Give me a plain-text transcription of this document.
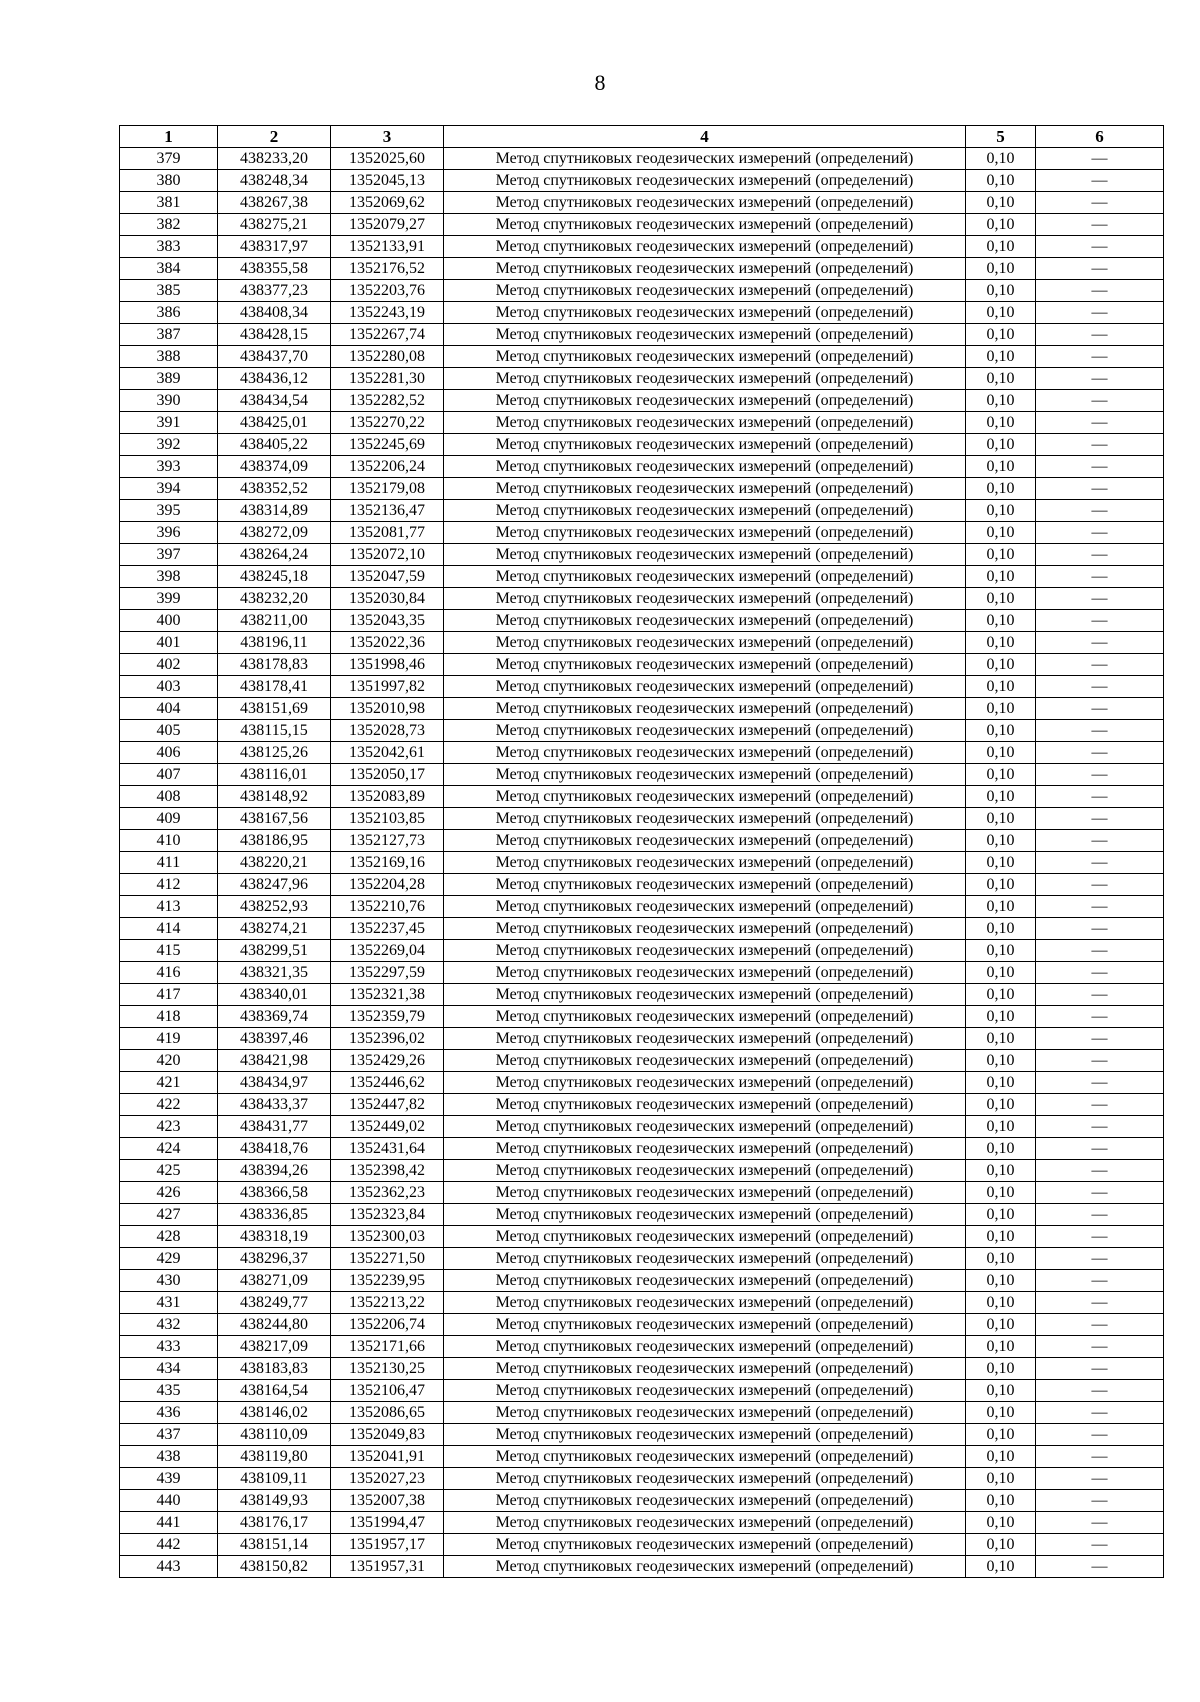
8
1	2	3	4	5	6
379	438233,20	1352025,60	Метод спутниковых геодезических измерений (определений)	0,10	—
380	438248,34	1352045,13	Метод спутниковых геодезических измерений (определений)	0,10	—
381	438267,38	1352069,62	Метод спутниковых геодезических измерений (определений)	0,10	—
382	438275,21	1352079,27	Метод спутниковых геодезических измерений (определений)	0,10	—
383	438317,97	1352133,91	Метод спутниковых геодезических измерений (определений)	0,10	—
384	438355,58	1352176,52	Метод спутниковых геодезических измерений (определений)	0,10	—
385	438377,23	1352203,76	Метод спутниковых геодезических измерений (определений)	0,10	—
386	438408,34	1352243,19	Метод спутниковых геодезических измерений (определений)	0,10	—
387	438428,15	1352267,74	Метод спутниковых геодезических измерений (определений)	0,10	—
388	438437,70	1352280,08	Метод спутниковых геодезических измерений (определений)	0,10	—
389	438436,12	1352281,30	Метод спутниковых геодезических измерений (определений)	0,10	—
390	438434,54	1352282,52	Метод спутниковых геодезических измерений (определений)	0,10	—
391	438425,01	1352270,22	Метод спутниковых геодезических измерений (определений)	0,10	—
392	438405,22	1352245,69	Метод спутниковых геодезических измерений (определений)	0,10	—
393	438374,09	1352206,24	Метод спутниковых геодезических измерений (определений)	0,10	—
394	438352,52	1352179,08	Метод спутниковых геодезических измерений (определений)	0,10	—
395	438314,89	1352136,47	Метод спутниковых геодезических измерений (определений)	0,10	—
396	438272,09	1352081,77	Метод спутниковых геодезических измерений (определений)	0,10	—
397	438264,24	1352072,10	Метод спутниковых геодезических измерений (определений)	0,10	—
398	438245,18	1352047,59	Метод спутниковых геодезических измерений (определений)	0,10	—
399	438232,20	1352030,84	Метод спутниковых геодезических измерений (определений)	0,10	—
400	438211,00	1352043,35	Метод спутниковых геодезических измерений (определений)	0,10	—
401	438196,11	1352022,36	Метод спутниковых геодезических измерений (определений)	0,10	—
402	438178,83	1351998,46	Метод спутниковых геодезических измерений (определений)	0,10	—
403	438178,41	1351997,82	Метод спутниковых геодезических измерений (определений)	0,10	—
404	438151,69	1352010,98	Метод спутниковых геодезических измерений (определений)	0,10	—
405	438115,15	1352028,73	Метод спутниковых геодезических измерений (определений)	0,10	—
406	438125,26	1352042,61	Метод спутниковых геодезических измерений (определений)	0,10	—
407	438116,01	1352050,17	Метод спутниковых геодезических измерений (определений)	0,10	—
408	438148,92	1352083,89	Метод спутниковых геодезических измерений (определений)	0,10	—
409	438167,56	1352103,85	Метод спутниковых геодезических измерений (определений)	0,10	—
410	438186,95	1352127,73	Метод спутниковых геодезических измерений (определений)	0,10	—
411	438220,21	1352169,16	Метод спутниковых геодезических измерений (определений)	0,10	—
412	438247,96	1352204,28	Метод спутниковых геодезических измерений (определений)	0,10	—
413	438252,93	1352210,76	Метод спутниковых геодезических измерений (определений)	0,10	—
414	438274,21	1352237,45	Метод спутниковых геодезических измерений (определений)	0,10	—
415	438299,51	1352269,04	Метод спутниковых геодезических измерений (определений)	0,10	—
416	438321,35	1352297,59	Метод спутниковых геодезических измерений (определений)	0,10	—
417	438340,01	1352321,38	Метод спутниковых геодезических измерений (определений)	0,10	—
418	438369,74	1352359,79	Метод спутниковых геодезических измерений (определений)	0,10	—
419	438397,46	1352396,02	Метод спутниковых геодезических измерений (определений)	0,10	—
420	438421,98	1352429,26	Метод спутниковых геодезических измерений (определений)	0,10	—
421	438434,97	1352446,62	Метод спутниковых геодезических измерений (определений)	0,10	—
422	438433,37	1352447,82	Метод спутниковых геодезических измерений (определений)	0,10	—
423	438431,77	1352449,02	Метод спутниковых геодезических измерений (определений)	0,10	—
424	438418,76	1352431,64	Метод спутниковых геодезических измерений (определений)	0,10	—
425	438394,26	1352398,42	Метод спутниковых геодезических измерений (определений)	0,10	—
426	438366,58	1352362,23	Метод спутниковых геодезических измерений (определений)	0,10	—
427	438336,85	1352323,84	Метод спутниковых геодезических измерений (определений)	0,10	—
428	438318,19	1352300,03	Метод спутниковых геодезических измерений (определений)	0,10	—
429	438296,37	1352271,50	Метод спутниковых геодезических измерений (определений)	0,10	—
430	438271,09	1352239,95	Метод спутниковых геодезических измерений (определений)	0,10	—
431	438249,77	1352213,22	Метод спутниковых геодезических измерений (определений)	0,10	—
432	438244,80	1352206,74	Метод спутниковых геодезических измерений (определений)	0,10	—
433	438217,09	1352171,66	Метод спутниковых геодезических измерений (определений)	0,10	—
434	438183,83	1352130,25	Метод спутниковых геодезических измерений (определений)	0,10	—
435	438164,54	1352106,47	Метод спутниковых геодезических измерений (определений)	0,10	—
436	438146,02	1352086,65	Метод спутниковых геодезических измерений (определений)	0,10	—
437	438110,09	1352049,83	Метод спутниковых геодезических измерений (определений)	0,10	—
438	438119,80	1352041,91	Метод спутниковых геодезических измерений (определений)	0,10	—
439	438109,11	1352027,23	Метод спутниковых геодезических измерений (определений)	0,10	—
440	438149,93	1352007,38	Метод спутниковых геодезических измерений (определений)	0,10	—
441	438176,17	1351994,47	Метод спутниковых геодезических измерений (определений)	0,10	—
442	438151,14	1351957,17	Метод спутниковых геодезических измерений (определений)	0,10	—
443	438150,82	1351957,31	Метод спутниковых геодезических измерений (определений)	0,10	—
